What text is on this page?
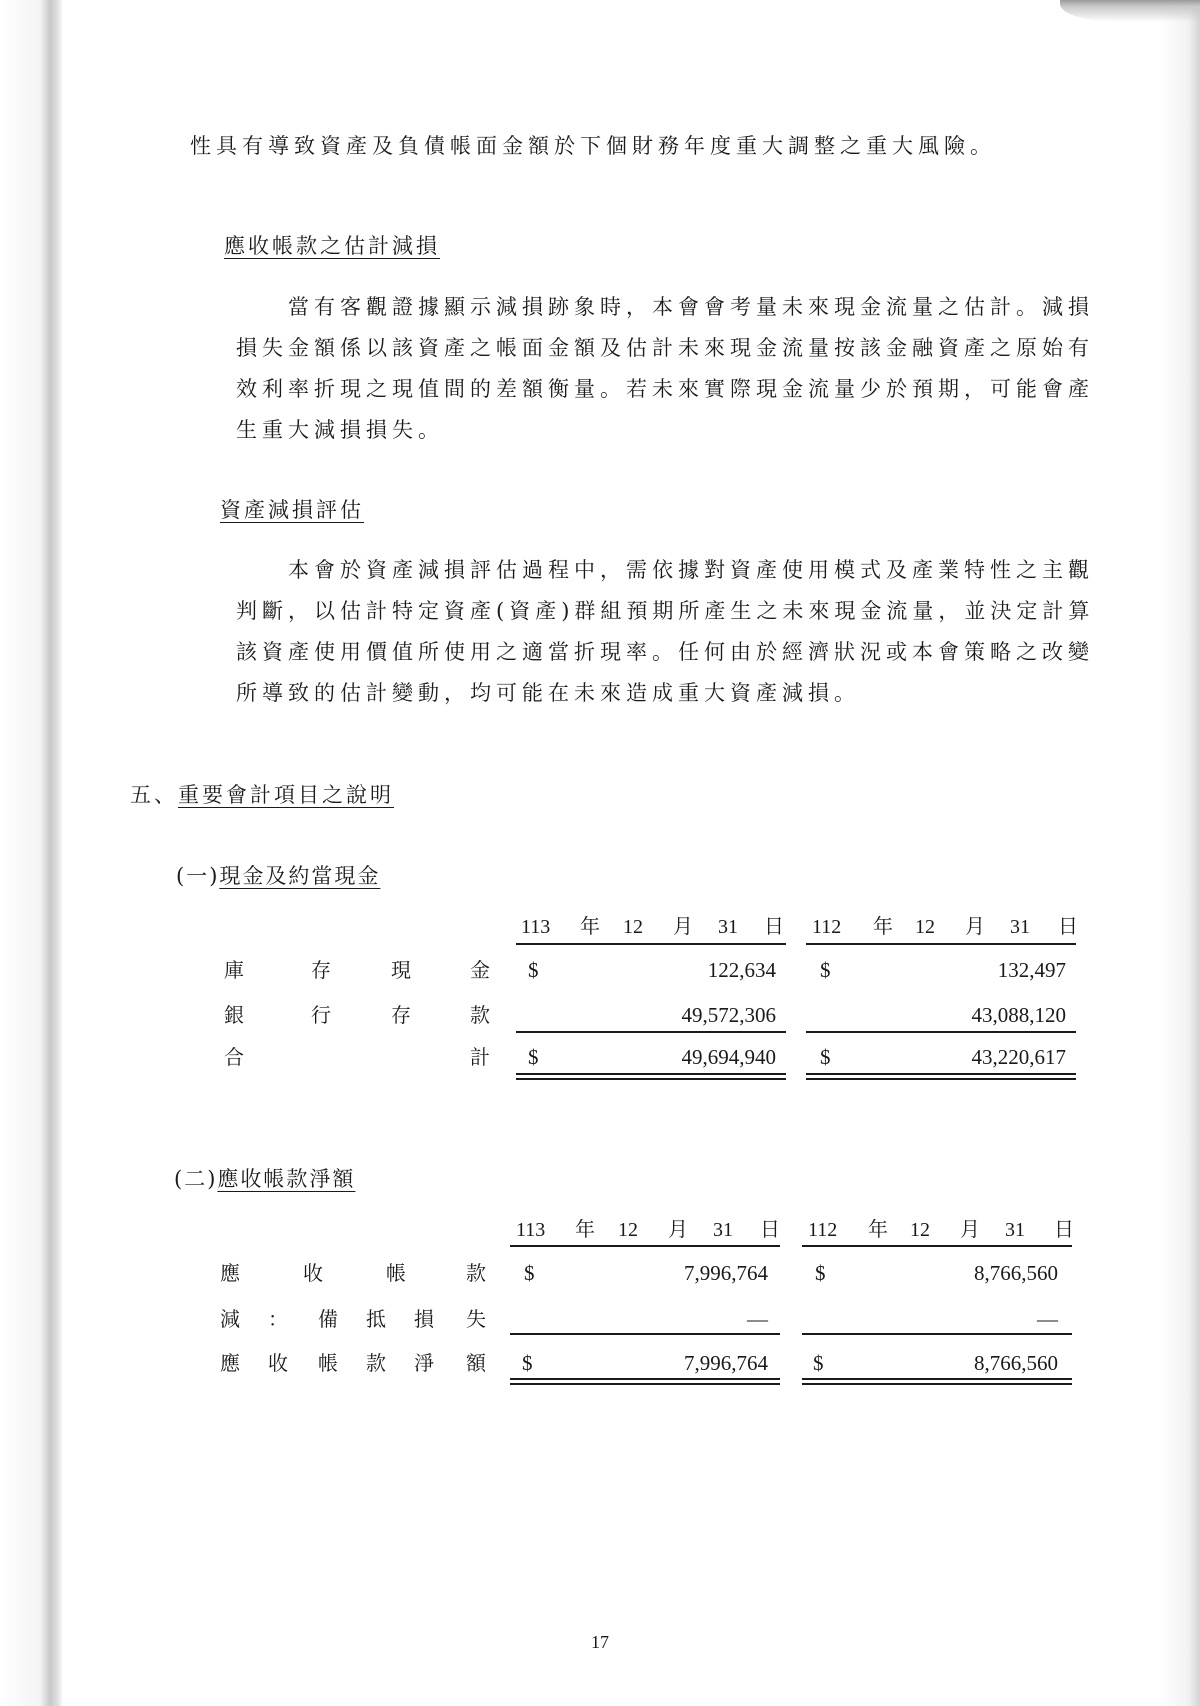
性具有導致資產及負債帳面金額於下個財務年度重大調整之重大風險。

應收帳款之估計減損

　　當有客觀證據顯示減損跡象時，本會會考量未來現金流量之估計。減損損失金額係以該資產之帳面金額及估計未來現金流量按該金融資產之原始有效利率折現之現值間的差額衡量。若未來實際現金流量少於預期，可能會產生重大減損損失。

資產減損評估

　　本會於資產減損評估過程中，需依據對資產使用模式及產業特性之主觀判斷，以估計特定資產(資產)群組預期所產生之未來現金流量，並決定計算該資產使用價值所使用之適當折現率。任何由於經濟狀況或本會策略之改變所導致的估計變動，均可能在未來造成重大資產減損。

五、重要會計項目之說明
(一)現金及約當現金
113 年 12 月 31 日 112 年 12 月 31 日
庫	存	現	金 $	122,634 $	132,497
銀	行	存	款	49,572,306	43,088,120
合	計 $	49,694,940 $	43,220,617
(二)應收帳款淨額
113 年 12 月 31 日 112 年 12 月 31 日
應	收	帳	款 $	7,996,764 $	8,766,560
減 ： 備 抵 損 失	—	—
應 收 帳 款 淨 額 $	7,996,764 $	8,766,560
17
